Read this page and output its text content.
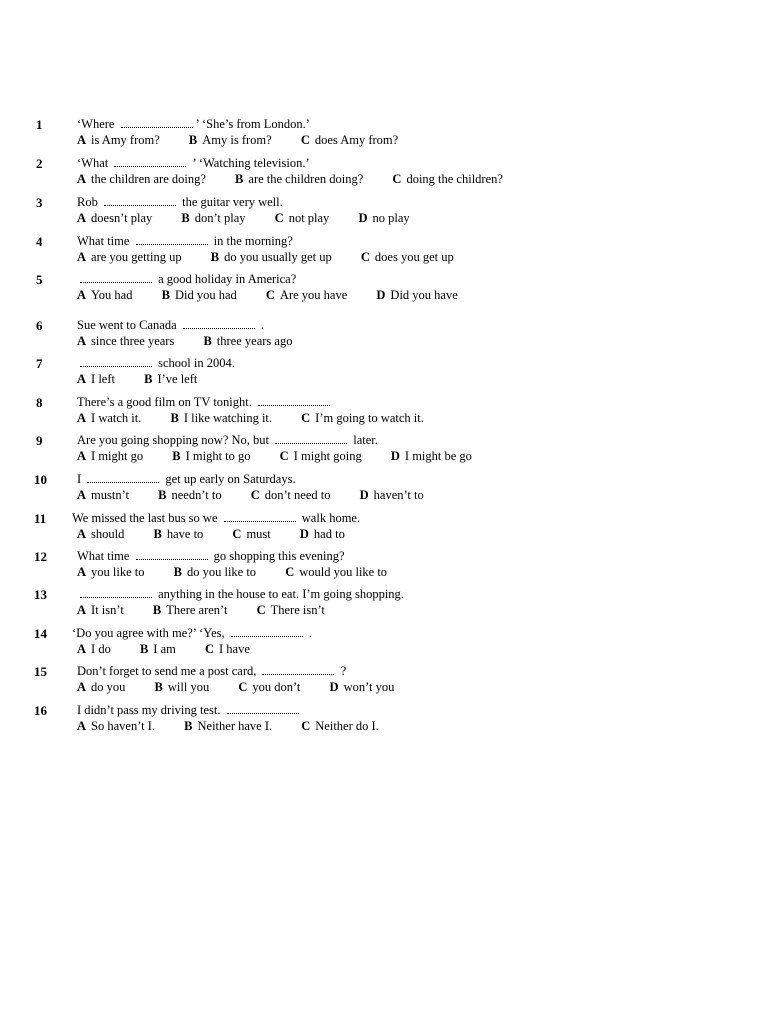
1	‘Where	’ ‘She’s from London.’
A is Amy from? B Amy is from? C does Amy from?
2	‘What	’ ‘Watching television.’
A the children are doing? B are the children doing? C doing the children?
3	Rob	the guitar very well.
A doesn’t play B don’t play C not play D no play
4	What time	in the morning?
A are you getting up B do you usually get up C does you get up
5	a good holiday in America?
A You had B Did you had C Are you have D Did you have
6	Sue went to Canada	.
A since three years B three years ago
7	school in 2004.
A I left B I’ve left
8	There’s a good film on TV tonight.
A I watch it. B I like watching it. C I’m going to watch it.
9	Are you going shopping now? No, but	later.
A I might go B I might to go C I might going D I might be go
10 I	get up early on Saturdays.
A mustn’t B needn’t to C don’t need to D haven’t to
11 We missed the last bus so we	walk home.
A should B have to C must D had to
12 What time	go shopping this evening?
A you like to B do you like to C would you like to
13	anything in the house to eat. I’m going shopping.
A It isn’t B There aren’t C There isn’t
14 ‘Do you agree with me?’ ‘Yes,	.
A I do B I am C I have
15 Don’t forget to send me a post card,	?
A do you B will you C you don’t D won’t you
16 I didn’t pass my driving test.
A So haven’t I. B Neither have I. C Neither do I.
